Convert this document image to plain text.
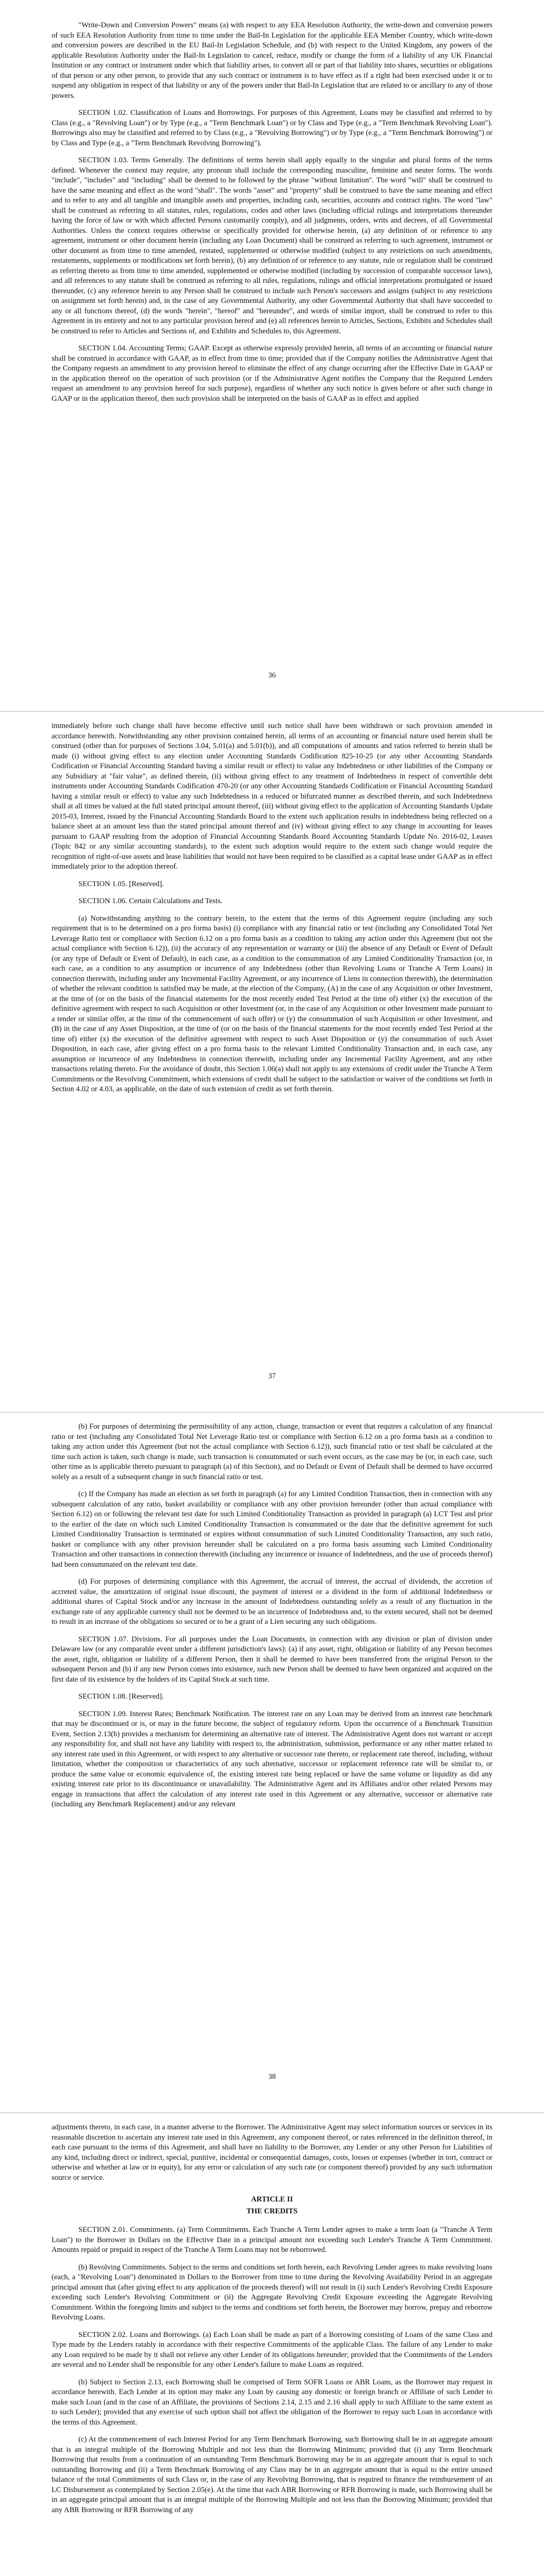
"Write-Down and Conversion Powers" means (a) with respect to any EEA Resolution Authority, the write-down and conversion powers of such EEA Resolution Authority from time to time under the Bail-In Legislation for the applicable EEA Member Country, which write-down and conversion powers are described in the EU Bail-In Legislation Schedule, and (b) with respect to the United Kingdom, any powers of the applicable Resolution Authority under the Bail-In Legislation to cancel, reduce, modify or change the form of a liability of any UK Financial Institution or any contract or instrument under which that liability arises, to convert all or part of that liability into shares, securities or obligations of that person or any other person, to provide that any such contract or instrument is to have effect as if a right had been exercised under it or to suspend any obligation in respect of that liability or any of the powers under that Bail-In Legislation that are related to or ancillary to any of those powers.

SECTION 1.02. Classification of Loans and Borrowings. For purposes of this Agreement, Loans may be classified and referred to by Class (e.g., a "Revolving Loan") or by Type (e.g., a "Term Benchmark Loan") or by Class and Type (e.g., a "Term Benchmark Revolving Loan"). Borrowings also may be classified and referred to by Class (e.g., a "Revolving Borrowing") or by Type (e.g., a "Term Benchmark Borrowing") or by Class and Type (e.g., a "Term Benchmark Revolving Borrowing").

SECTION 1.03. Terms Generally. The definitions of terms herein shall apply equally to the singular and plural forms of the terms defined. Whenever the context may require, any pronoun shall include the corresponding masculine, feminine and neuter forms. The words "include", "includes" and "including" shall be deemed to be followed by the phrase "without limitation". The word "will" shall be construed to have the same meaning and effect as the word "shall". The words "asset" and "property" shall be construed to have the same meaning and effect and to refer to any and all tangible and intangible assets and properties, including cash, securities, accounts and contract rights. The word "law" shall be construed as referring to all statutes, rules, regulations, codes and other laws (including official rulings and interpretations thereunder having the force of law or with which affected Persons customarily comply), and all judgments, orders, writs and decrees, of all Governmental Authorities. Unless the context requires otherwise or specifically provided for otherwise herein, (a) any definition of or reference to any agreement, instrument or other document herein (including any Loan Document) shall be construed as referring to such agreement, instrument or other document as from time to time amended, restated, supplemented or otherwise modified (subject to any restrictions on such amendments, restatements, supplements or modifications set forth herein), (b) any definition of or reference to any statute, rule or regulation shall be construed as referring thereto as from time to time amended, supplemented or otherwise modified (including by succession of comparable successor laws), and all references to any statute shall be construed as referring to all rules, regulations, rulings and official interpretations promulgated or issued thereunder, (c) any reference herein to any Person shall be construed to include such Person's successors and assigns (subject to any restrictions on assignment set forth herein) and, in the case of any Governmental Authority, any other Governmental Authority that shall have succeeded to any or all functions thereof, (d) the words "herein", "hereof" and "hereunder", and words of similar import, shall be construed to refer to this Agreement in its entirety and not to any particular provision hereof and (e) all references herein to Articles, Sections, Exhibits and Schedules shall be construed to refer to Articles and Sections of, and Exhibits and Schedules to, this Agreement.

SECTION 1.04. Accounting Terms; GAAP. Except as otherwise expressly provided herein, all terms of an accounting or financial nature shall be construed in accordance with GAAP, as in effect from time to time; provided that if the Company notifies the Administrative Agent that the Company requests an amendment to any provision hereof to eliminate the effect of any change occurring after the Effective Date in GAAP or in the application thereof on the operation of such provision (or if the Administrative Agent notifies the Company that the Required Lenders request an amendment to any provision hereof for such purpose), regardless of whether any such notice is given before or after such change in GAAP or in the application thereof, then such provision shall be interpreted on the basis of GAAP as in effect and applied

36

immediately before such change shall have become effective until such notice shall have been withdrawn or such provision amended in accordance herewith. Notwithstanding any other provision contained herein, all terms of an accounting or financial nature used herein shall be construed (other than for purposes of Sections 3.04, 5.01(a) and 5.01(b)), and all computations of amounts and ratios referred to herein shall be made (i) without giving effect to any election under Accounting Standards Codification 825-10-25 (or any other Accounting Standards Codification or Financial Accounting Standard having a similar result or effect) to value any Indebtedness or other liabilities of the Company or any Subsidiary at "fair value", as defined therein, (ii) without giving effect to any treatment of Indebtedness in respect of convertible debt instruments under Accounting Standards Codification 470-20 (or any other Accounting Standards Codification or Financial Accounting Standard having a similar result or effect) to value any such Indebtedness in a reduced or bifurcated manner as described therein, and such Indebtedness shall at all times be valued at the full stated principal amount thereof, (iii) without giving effect to the application of Accounting Standards Update 2015-03, Interest, issued by the Financial Accounting Standards Board to the extent such application results in indebtedness being reflected on a balance sheet at an amount less than the stated principal amount thereof and (iv) without giving effect to any change in accounting for leases pursuant to GAAP resulting from the adoption of Financial Accounting Standards Board Accounting Standards Update No. 2016-02, Leases (Topic 842 or any similar accounting standards), to the extent such adoption would require to the extent such change would require the recognition of right-of-use assets and lease liabilities that would not have been required to be classified as a capital lease under GAAP as in effect immediately prior to the adoption thereof.

SECTION 1.05. [Reserved].

SECTION 1.06. Certain Calculations and Tests.

(a) Notwithstanding anything to the contrary herein, to the extent that the terms of this Agreement require (including any such requirement that is to be determined on a pro forma basis) (i) compliance with any financial ratio or test (including any Consolidated Total Net Leverage Ratio test or compliance with Section 6.12 on a pro forma basis as a condition to taking any action under this Agreement (but not the actual compliance with Section 6.12)), (ii) the accuracy of any representation or warranty or (iii) the absence of any Default or Event of Default (or any type of Default or Event of Default), in each case, as a condition to the consummation of any Limited Conditionality Transaction (or, in each case, as a condition to any assumption or incurrence of any Indebtedness (other than Revolving Loans or Tranche A Term Loans) in connection therewith, including under any Incremental Facility Agreement, or any incurrence of Liens in connection therewith), the determination of whether the relevant condition is satisfied may be made, at the election of the Company, (A) in the case of any Acquisition or other Investment, at the time of (or on the basis of the financial statements for the most recently ended Test Period at the time of) either (x) the execution of the definitive agreement with respect to such Acquisition or other Investment (or, in the case of any Acquisition or other Investment made pursuant to a tender or similar offer, at the time of the commencement of such offer) or (y) the consummation of such Acquisition or other Investment, and (B) in the case of any Asset Disposition, at the time of (or on the basis of the financial statements for the most recently ended Test Period at the time of) either (x) the execution of the definitive agreement with respect to such Asset Disposition or (y) the consummation of such Asset Disposition, in each case, after giving effect on a pro forma basis to the relevant Limited Conditionality Transaction and, in each case, any assumption or incurrence of any Indebtedness in connection therewith, including under any Incremental Facility Agreement, and any other transactions relating thereto. For the avoidance of doubt, this Section 1.06(a) shall not apply to any extensions of credit under the Tranche A Term Commitments or the Revolving Commitment, which extensions of credit shall be subject to the satisfaction or waiver of the conditions set forth in Section 4.02 or 4.03, as applicable, on the date of such extension of credit as set forth therein.

37

(b) For purposes of determining the permissibility of any action, change, transaction or event that requires a calculation of any financial ratio or test (including any Consolidated Total Net Leverage Ratio test or compliance with Section 6.12 on a pro forma basis as a condition to taking any action under this Agreement (but not the actual compliance with Section 6.12)), such financial ratio or test shall be calculated at the time such action is taken, such change is made, such transaction is consummated or such event occurs, as the case may be (or, in each case, such other time as is applicable thereto pursuant to paragraph (a) of this Section), and no Default or Event of Default shall be deemed to have occurred solely as a result of a subsequent change in such financial ratio or test.

(c) If the Company has made an election as set forth in paragraph (a) for any Limited Condition Transaction, then in connection with any subsequent calculation of any ratio, basket availability or compliance with any other provision hereunder (other than actual compliance with Section 6.12) on or following the relevant test date for such Limited Conditionality Transaction as provided in paragraph (a) LCT Test and prior to the earlier of the date on which such Limited Conditionality Transaction is consummated or the date that the definitive agreement for such Limited Conditionality Transaction is terminated or expires without consummation of such Limited Conditionality Transaction, any such ratio, basket or compliance with any other provision hereunder shall be calculated on a pro forma basis assuming such Limited Conditionality Transaction and other transactions in connection therewith (including any incurrence or issuance of Indebtedness, and the use of proceeds thereof) had been consummated on the relevant test date.

(d) For purposes of determining compliance with this Agreement, the accrual of interest, the accrual of dividends, the accretion of accreted value, the amortization of original issue discount, the payment of interest or a dividend in the form of additional Indebtedness or additional shares of Capital Stock and/or any increase in the amount of Indebtedness outstanding solely as a result of any fluctuation in the exchange rate of any applicable currency shall not be deemed to be an incurrence of Indebtedness and, to the extent secured, shall not be deemed to result in an increase of the obligations so secured or to be a grant of a Lien securing any such obligations.

SECTION 1.07. Divisions. For all purposes under the Loan Documents, in connection with any division or plan of division under Delaware law (or any comparable event under a different jurisdiction's laws): (a) if any asset, right, obligation or liability of any Person becomes the asset, right, obligation or liability of a different Person, then it shall be deemed to have been transferred from the original Person to the subsequent Person and (b) if any new Person comes into existence, such new Person shall be deemed to have been organized and acquired on the first date of its existence by the holders of its Capital Stock at such time.

SECTION 1.08. [Reserved].

SECTION 1.09. Interest Rates; Benchmark Notification. The interest rate on any Loan may be derived from an interest rate benchmark that may be discontinued or is, or may in the future become, the subject of regulatory reform. Upon the occurrence of a Benchmark Transition Event, Section 2.13(b) provides a mechanism for determining an alternative rate of interest. The Administrative Agent does not warrant or accept any responsibility for, and shall not have any liability with respect to, the administration, submission, performance or any other matter related to any interest rate used in this Agreement, or with respect to any alternative or successor rate thereto, or replacement rate thereof, including, without limitation, whether the composition or characteristics of any such alternative, successor or replacement reference rate will be similar to, or produce the same value or economic equivalence of, the existing interest rate being replaced or have the same volume or liquidity as did any existing interest rate prior to its discontinuance or unavailability. The Administrative Agent and its Affiliates and/or other related Persons may engage in transactions that affect the calculation of any interest rate used in this Agreement or any alternative, successor or alternative rate (including any Benchmark Replacement) and/or any relevant

38

adjustments thereto, in each case, in a manner adverse to the Borrower. The Administrative Agent may select information sources or services in its reasonable discretion to ascertain any interest rate used in this Agreement, any component thereof, or rates referenced in the definition thereof, in each case pursuant to the terms of this Agreement, and shall have no liability to the Borrower, any Lender or any other Person for Liabilities of any kind, including direct or indirect, special, punitive, incidental or consequential damages, costs, losses or expenses (whether in tort, contract or otherwise and whether at law or in equity), for any error or calculation of any such rate (or component thereof) provided by any such information source or service.

ARTICLE II
THE CREDITS

SECTION 2.01. Commitments. (a) Term Commitments. Each Tranche A Term Lender agrees to make a term loan (a "Tranche A Term Loan") to the Borrower in Dollars on the Effective Date in a principal amount not exceeding such Lender's Tranche A Term Commitment. Amounts repaid or prepaid in respect of the Tranche A Term Loans may not be reborrowed.

(b) Revolving Commitments. Subject to the terms and conditions set forth herein, each Revolving Lender agrees to make revolving loans (each, a "Revolving Loan") denominated in Dollars to the Borrower from time to time during the Revolving Availability Period in an aggregate principal amount that (after giving effect to any application of the proceeds thereof) will not result in (i) such Lender's Revolving Credit Exposure exceeding such Lender's Revolving Commitment or (ii) the Aggregate Revolving Credit Exposure exceeding the Aggregate Revolving Commitment. Within the foregoing limits and subject to the terms and conditions set forth herein, the Borrower may borrow, prepay and reborrow Revolving Loans.

SECTION 2.02. Loans and Borrowings. (a) Each Loan shall be made as part of a Borrowing consisting of Loans of the same Class and Type made by the Lenders ratably in accordance with their respective Commitments of the applicable Class. The failure of any Lender to make any Loan required to be made by it shall not relieve any other Lender of its obligations hereunder; provided that the Commitments of the Lenders are several and no Lender shall be responsible for any other Lender's failure to make Loans as required.

(b) Subject to Section 2.13, each Borrowing shall be comprised of Term SOFR Loans or ABR Loans, as the Borrower may request in accordance herewith. Each Lender at its option may make any Loan by causing any domestic or foreign branch or Affiliate of such Lender to make such Loan (and in the case of an Affiliate, the provisions of Sections 2.14, 2.15 and 2.16 shall apply to such Affiliate to the same extent as to such Lender); provided that any exercise of such option shall not affect the obligation of the Borrower to repay such Loan in accordance with the terms of this Agreement.

(c) At the commencement of each Interest Period for any Term Benchmark Borrowing, such Borrowing shall be in an aggregate amount that is an integral multiple of the Borrowing Multiple and not less than the Borrowing Minimum; provided that (i) any Term Benchmark Borrowing that results from a continuation of an outstanding Term Benchmark Borrowing may be in an aggregate amount that is equal to such outstanding Borrowing and (ii) a Term Benchmark Borrowing of any Class may be in an aggregate amount that is equal to the entire unused balance of the total Commitments of such Class or, in the case of any Revolving Borrowing, that is required to finance the reimbursement of an LC Disbursement as contemplated by Section 2.05(e). At the time that each ABR Borrowing or RFR Borrowing is made, such Borrowing shall be in an aggregate principal amount that is an integral multiple of the Borrowing Multiple and not less than the Borrowing Minimum; provided that any ABR Borrowing or RFR Borrowing of any
